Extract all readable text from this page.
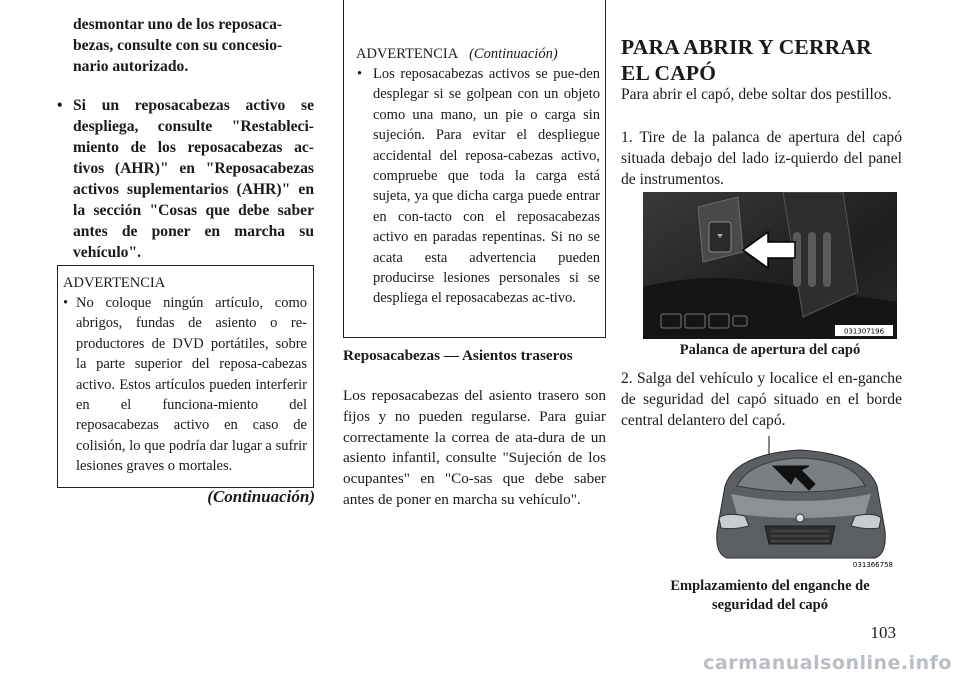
desmontar uno de los reposaca-

bezas, consulte con su concesio-

nario autorizado.

• Si un reposacabezas activo se despliega, consulte "Restableci-miento de los reposacabezas ac-tivos (AHR)" en "Reposacabezas activos suplementarios (AHR)" en la sección "Cosas que debe saber antes de poner en marcha su vehículo".

ADVERTENCIA

• No coloque ningún artículo, como abrigos, fundas de asiento o re-productores de DVD portátiles, sobre la parte superior del reposa-cabezas activo. Estos artículos pueden interferir en el funciona-miento del reposacabezas activo en caso de colisión, lo que podría dar lugar a sufrir lesiones graves o mortales.

(Continuación)

ADVERTENCIA (Continuación)

• Los reposacabezas activos se pue-den desplegar si se golpean con un objeto como una mano, un pie o carga sin sujeción. Para evitar el despliegue accidental del reposa-cabezas activo, compruebe que toda la carga está sujeta, ya que dicha carga puede entrar en con-tacto con el reposacabezas activo en paradas repentinas. Si no se acata esta advertencia pueden producirse lesiones personales si se despliega el reposacabezas ac-tivo.

Reposacabezas — Asientos traseros

Los reposacabezas del asiento trasero son fijos y no pueden regularse. Para guiar correctamente la correa de ata-dura de un asiento infantil, consulte "Sujeción de los ocupantes" en "Co-sas que debe saber antes de poner en marcha su vehículo".

PARA ABRIR Y CERRAR

EL CAPÓ

Para abrir el capó, debe soltar dos pestillos.

1. Tire de la palanca de apertura del capó situada debajo del lado iz-quierdo del panel de instrumentos.

031307196

Palanca de apertura del capó

2. Salga del vehículo y localice el en-ganche de seguridad del capó situado en el borde central delantero del capó.

031366758

Emplazamiento del enganche de

seguridad del capó

103
carmanualsonline.info
